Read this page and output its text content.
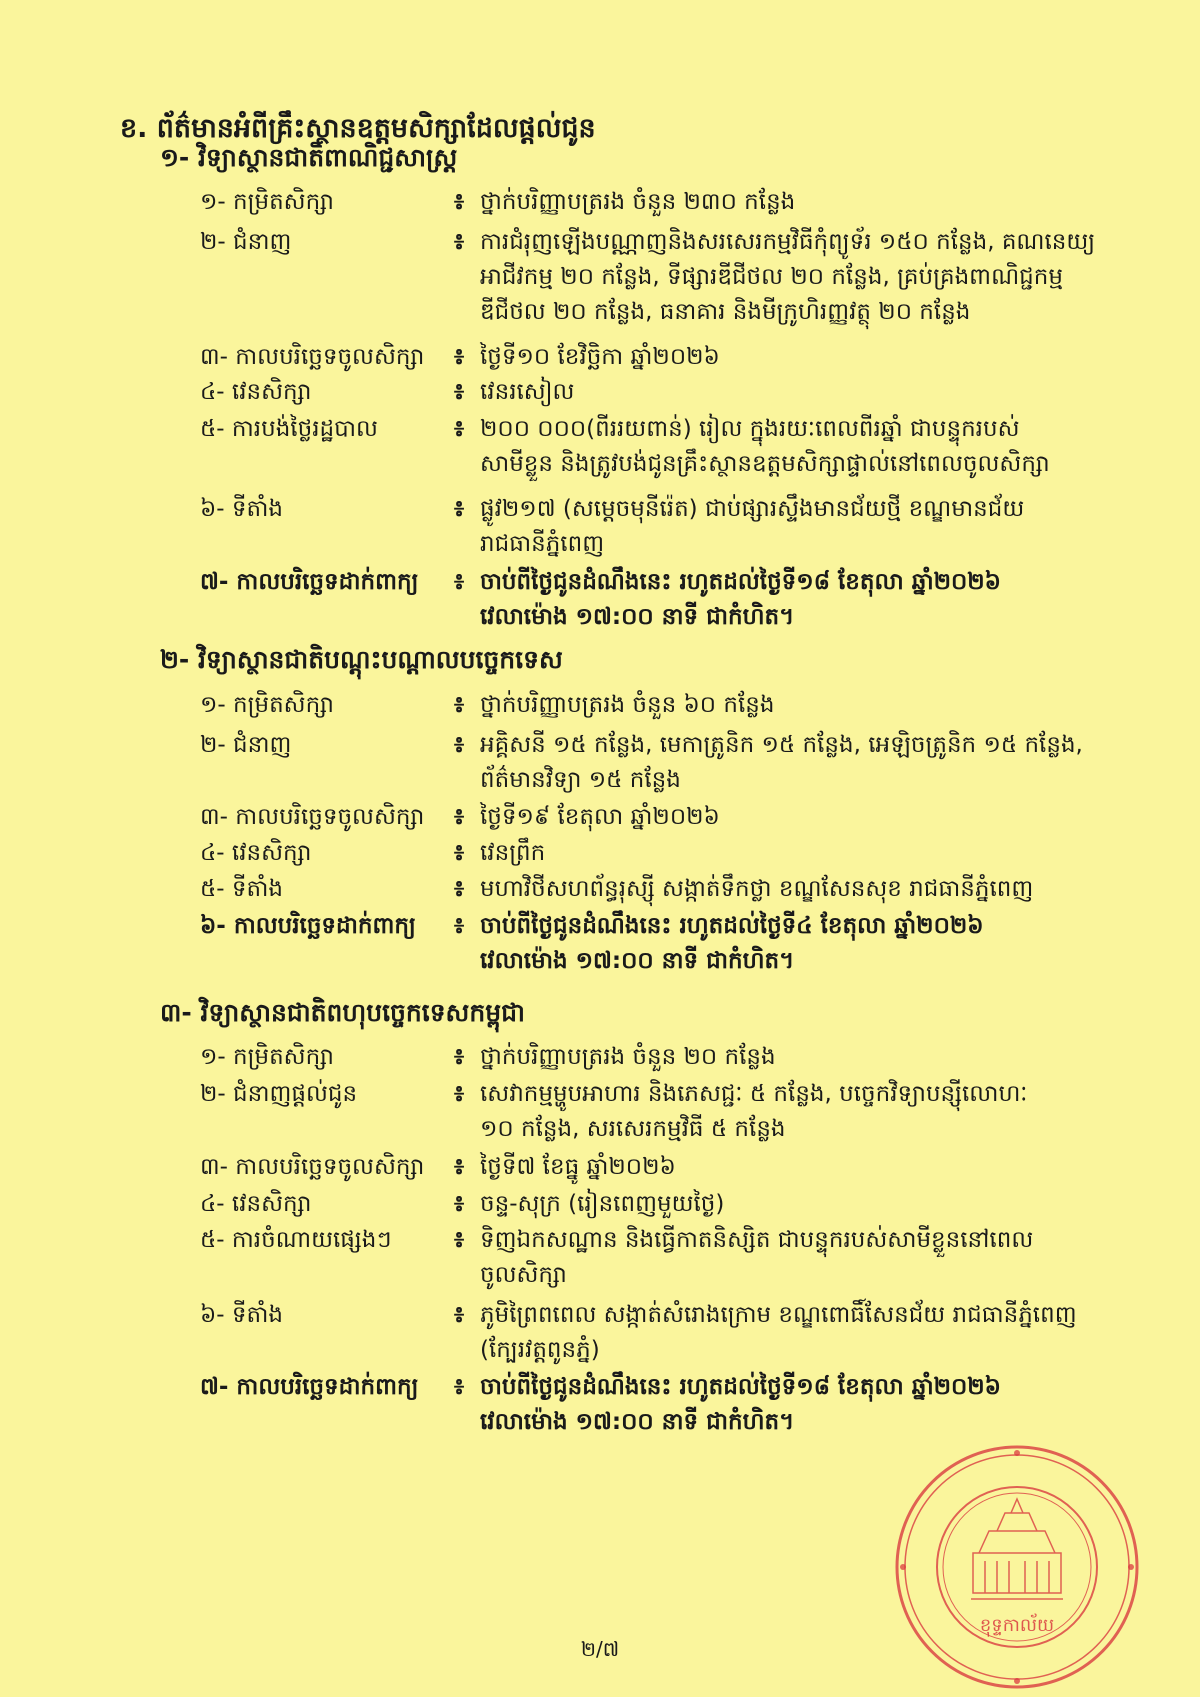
ខ. ព័ត៌មានអំពីគ្រឹះស្ថានឧត្តមសិក្សាដែលផ្តល់ជូន
១- វិទ្យាស្ថានជាតិពាណិជ្ជសាស្ត្រ
១- កម្រិតសិក្សា	៖ ថ្នាក់បរិញ្ញាបត្ររង ចំនួន ២៣០ កន្លែង
២- ជំនាញ	៖ ការជំរុញឡើងបណ្ណាញនិងសរសេរកម្មវិធីកុំព្យូទ័រ ១៥០ កន្លែង, គណនេយ្យ
អាជីវកម្ម ២០ កន្លែង, ទីផ្សារឌីជីថល ២០ កន្លែង, គ្រប់គ្រងពាណិជ្ជកម្ម
ឌីជីថល ២០ កន្លែង, ធនាគារ និងមីក្រូហិរញ្ញវត្ថុ ២០ កន្លែង
៣- កាលបរិច្ឆេទចូលសិក្សា	៖ ថ្ងៃទី១០ ខែវិច្ឆិកា ឆ្នាំ២០២៦
៤- វេនសិក្សា	៖ វេនរសៀល
៥- ការបង់ថ្លៃរដ្ឋបាល	៖ ២០០ ០០០(ពីររយពាន់) រៀល ក្នុងរយៈពេលពីរឆ្នាំ ជាបន្ទុករបស់
សាមីខ្លួន និងត្រូវបង់ជូនគ្រឹះស្ថានឧត្តមសិក្សាផ្ទាល់នៅពេលចូលសិក្សា
៦- ទីតាំង	៖ ផ្លូវ២១៧ (សម្តេចមុនីរ៉េត) ជាប់ផ្សារស្ទឹងមានជ័យថ្មី ខណ្ឌមានជ័យ
រាជធានីភ្នំពេញ
៧- កាលបរិច្ឆេទដាក់ពាក្យ	៖ ចាប់ពីថ្ងៃជូនដំណឹងនេះ រហូតដល់ថ្ងៃទី១៨ ខែតុលា ឆ្នាំ២០២៦
វេលាម៉ោង ១៧:០០ នាទី ជាកំហិត។
២- វិទ្យាស្ថានជាតិបណ្តុះបណ្តាលបច្ចេកទេស
១- កម្រិតសិក្សា	៖ ថ្នាក់បរិញ្ញាបត្ររង ចំនួន ៦០ កន្លែង
២- ជំនាញ	៖ អគ្គិសនី ១៥ កន្លែង, មេកាត្រូនិក ១៥ កន្លែង, អេឡិចត្រូនិក ១៥ កន្លែង,
ព័ត៌មានវិទ្យា ១៥ កន្លែង
៣- កាលបរិច្ឆេទចូលសិក្សា	៖ ថ្ងៃទី១៩ ខែតុលា ឆ្នាំ២០២៦
៤- វេនសិក្សា	៖ វេនព្រឹក
៥- ទីតាំង	៖ មហាវិថីសហព័ន្ធរុស្ស៊ី សង្កាត់ទឹកថ្លា ខណ្ឌសែនសុខ រាជធានីភ្នំពេញ
៦- កាលបរិច្ឆេទដាក់ពាក្យ	៖ ចាប់ពីថ្ងៃជូនដំណឹងនេះ រហូតដល់ថ្ងៃទី៤ ខែតុលា ឆ្នាំ២០២៦
វេលាម៉ោង ១៧:០០ នាទី ជាកំហិត។
៣- វិទ្យាស្ថានជាតិពហុបច្ចេកទេសកម្ពុជា
១- កម្រិតសិក្សា	៖ ថ្នាក់បរិញ្ញាបត្ររង ចំនួន ២០ កន្លែង
២- ជំនាញផ្តល់ជូន	៖ សេវាកម្មម្ហូបអាហារ និងភេសជ្ជៈ ៥ កន្លែង, បច្ចេកវិទ្យាបន្សុីលោហៈ
១០ កន្លែង, សរសេរកម្មវិធី ៥ កន្លែង
៣- កាលបរិច្ឆេទចូលសិក្សា	៖ ថ្ងៃទី៧ ខែធ្នូ ឆ្នាំ២០២៦
៤- វេនសិក្សា	៖ ចន្ទ-សុក្រ (រៀនពេញមួយថ្ងៃ)
៥- ការចំណាយផ្សេងៗ	៖ ទិញឯកសណ្ឋាន និងធ្វើកាតនិស្សិត ជាបន្ទុករបស់សាមីខ្លួននៅពេល
ចូលសិក្សា
៦- ទីតាំង	៖ ភូមិព្រៃពពេល សង្កាត់សំរោងក្រោម ខណ្ឌពោធិ៍សែនជ័យ រាជធានីភ្នំពេញ
(ក្បែរវត្តពូនភ្នំ)
៧- កាលបរិច្ឆេទដាក់ពាក្យ	៖ ចាប់ពីថ្ងៃជូនដំណឹងនេះ រហូតដល់ថ្ងៃទី១៨ ខែតុលា ឆ្នាំ២០២៦
វេលាម៉ោង ១៧:០០ នាទី ជាកំហិត។
២/៧
ខុទ្ទកាល័យ
